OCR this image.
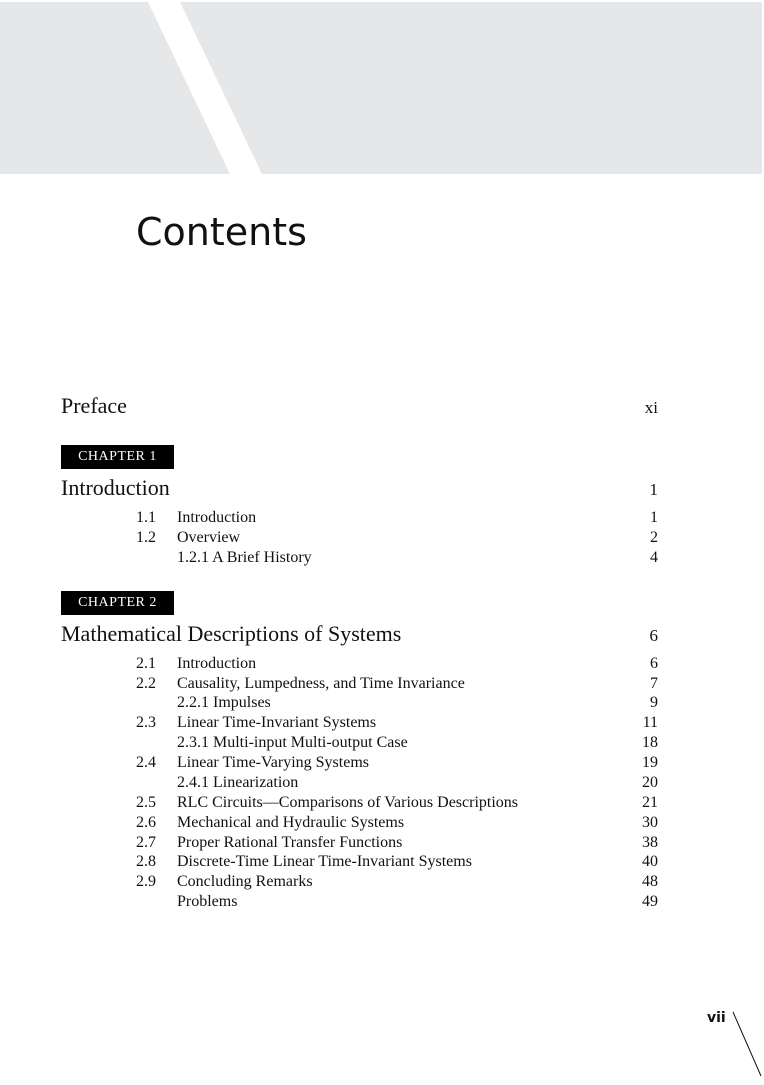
Contents
Preface	xi
CHAPTER 1
Introduction	1
1.1 Introduction	1
1.2 Overview	2
1.2.1 A Brief History	4
CHAPTER 2
Mathematical Descriptions of Systems	6
2.1 Introduction	6
2.2 Causality, Lumpedness, and Time Invariance	7
2.2.1 Impulses	9
2.3 Linear Time-Invariant Systems	11
2.3.1 Multi-input Multi-output Case	18
2.4 Linear Time-Varying Systems	19
2.4.1 Linearization	20
2.5 RLC Circuits—Comparisons of Various Descriptions	21
2.6 Mechanical and Hydraulic Systems	30
2.7 Proper Rational Transfer Functions	38
2.8 Discrete-Time Linear Time-Invariant Systems	40
2.9 Concluding Remarks	48
Problems	49
vii
